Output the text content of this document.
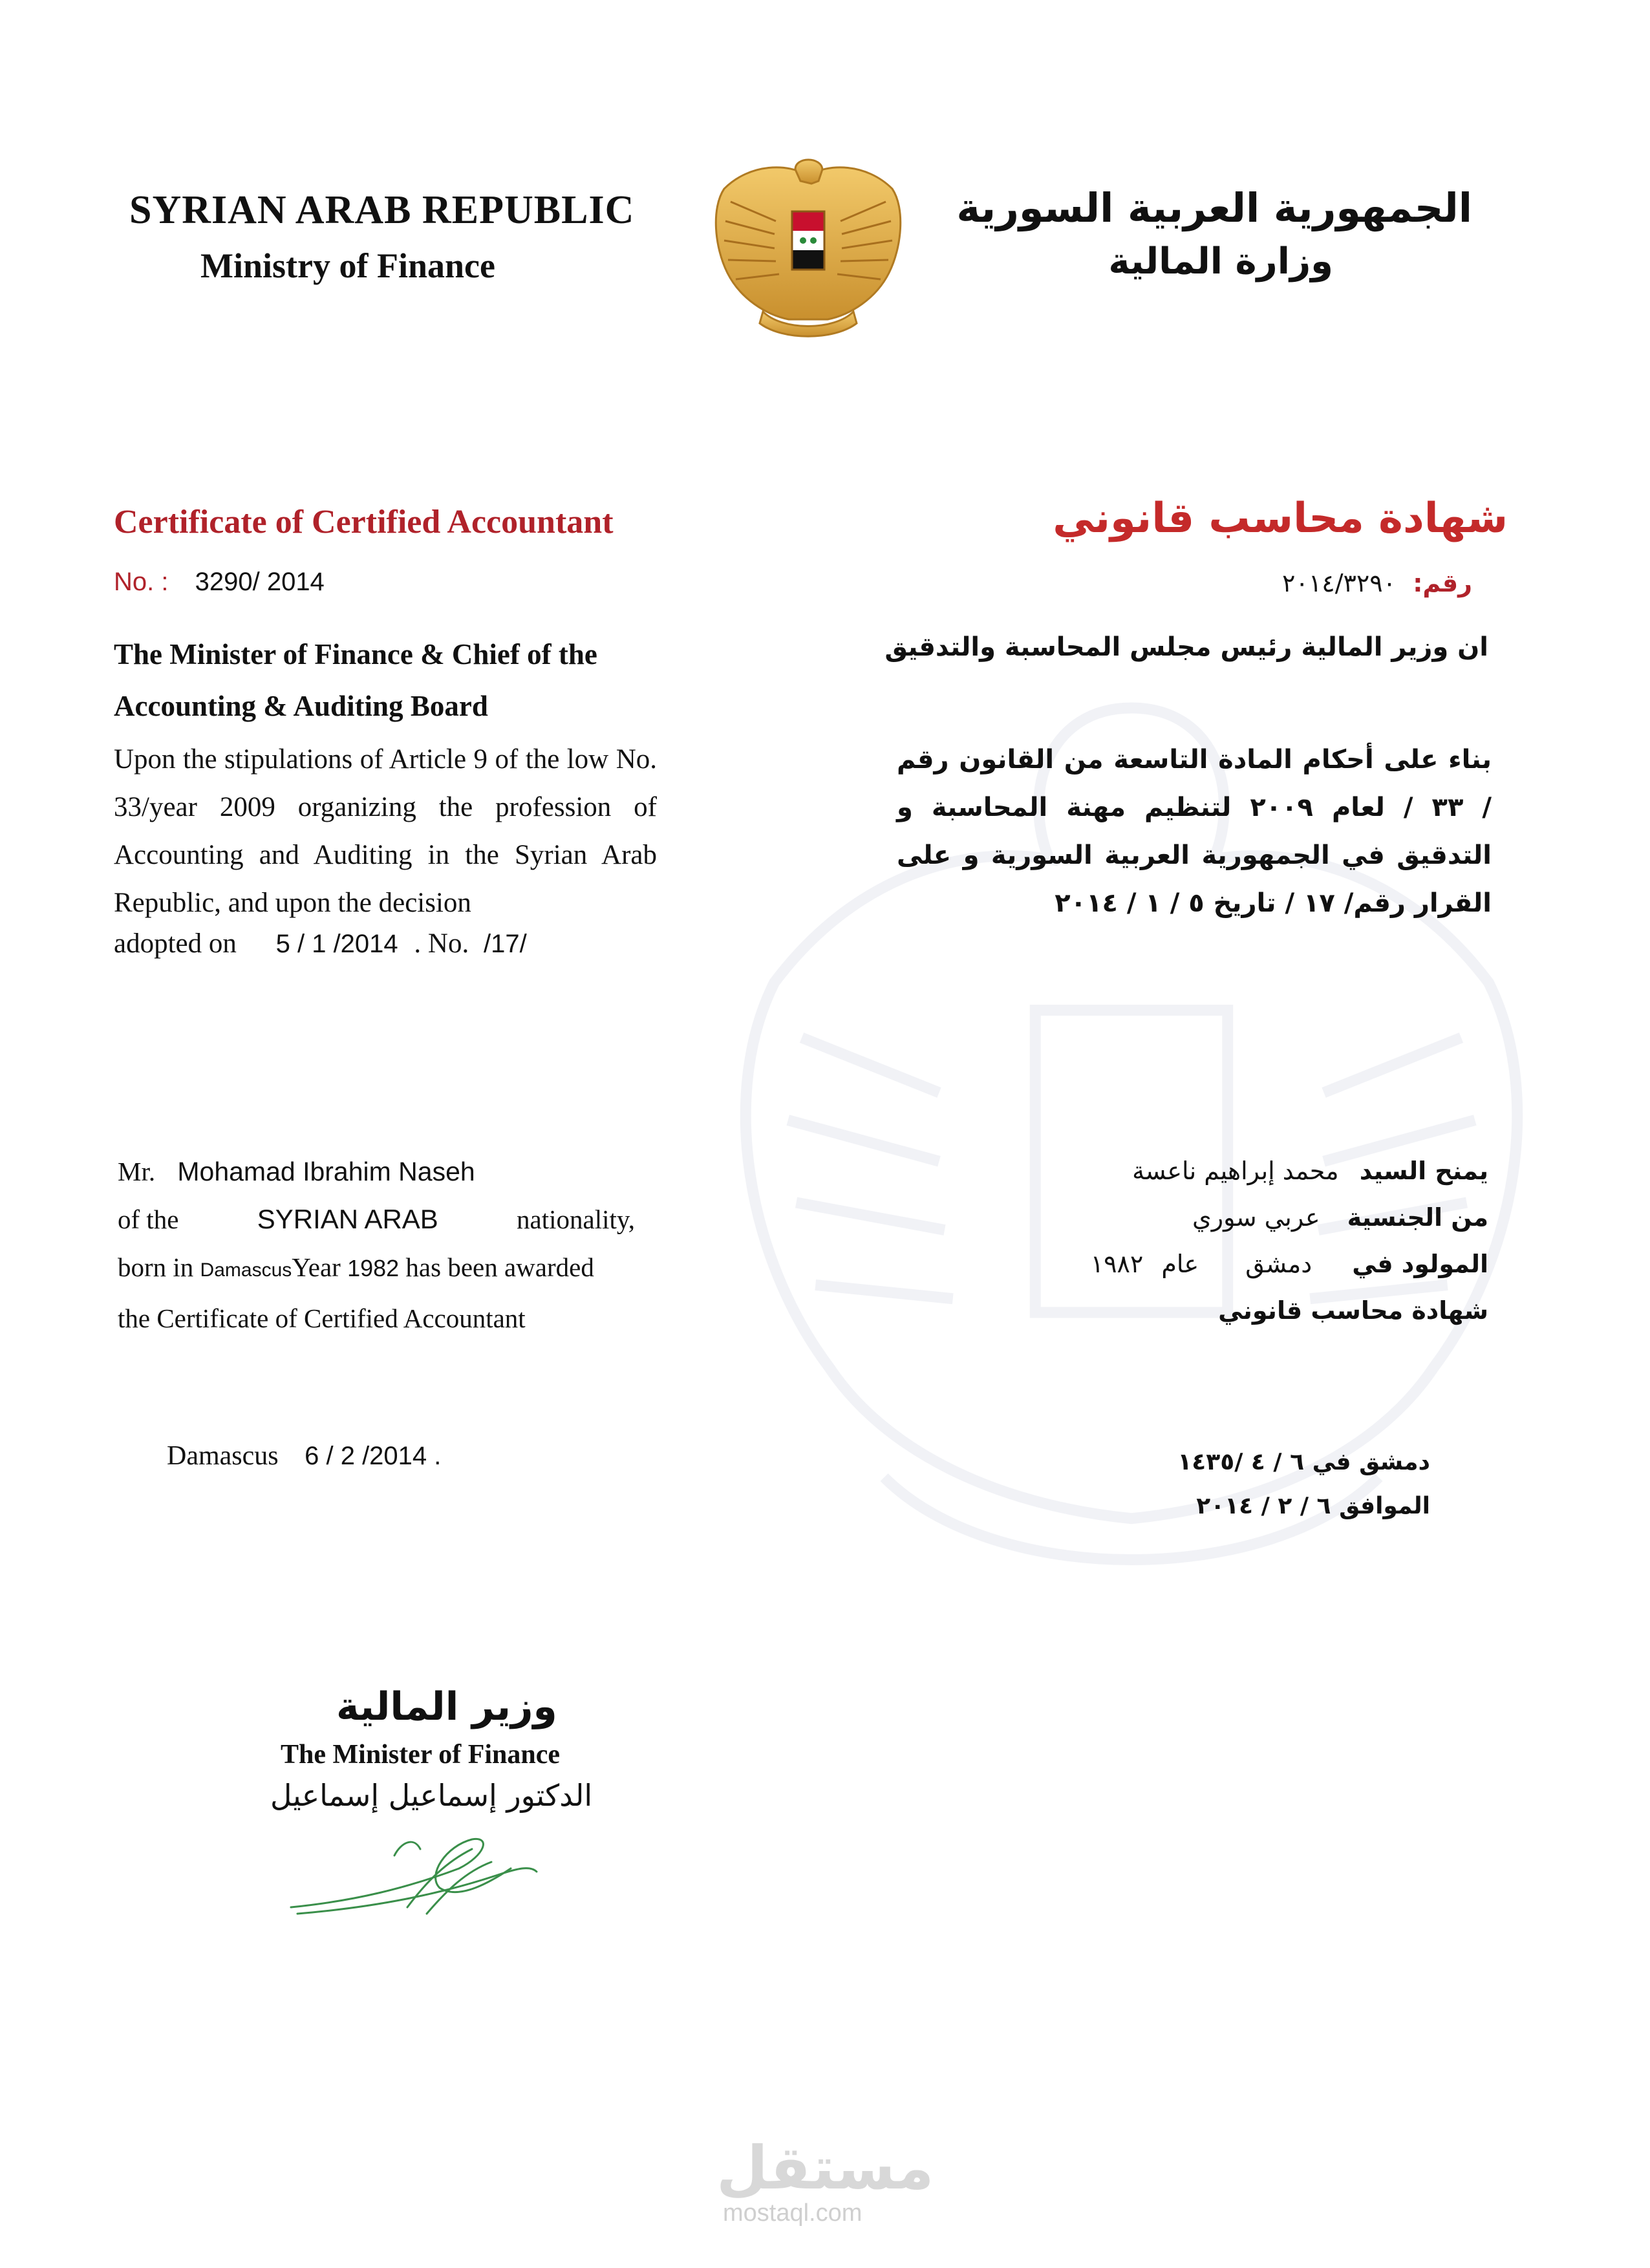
SYRIAN ARAB REPUBLIC
Ministry of Finance
الجمهورية العربية السورية
وزارة المالية
Certificate of Certified Accountant	شهادة محاسب قانوني
No. : 3290/ 2014	رقم: ٢٠١٤/٣٢٩٠
The Minister of Finance & Chief of the
Accounting & Auditing Board
ان وزير المالية رئيس مجلس المحاسبة والتدقيق
Upon the stipulations of Article 9 of the low No. 33/year 2009 organizing the profession of Accounting and Auditing in the Syrian Arab Republic, and upon the decision
adopted on 5 / 1 /2014 . No. /17/
بناء على أحكام المادة التاسعة من القانون رقم / ٣٣ / لعام ٢٠٠٩ لتنظيم مهنة المحاسبة و التدقيق في الجمهورية العربية السورية و على القرار رقم/ ١٧ / تاريخ ٥ / ١ / ٢٠١٤
Mr. Mohamad Ibrahim Naseh
of the	SYRIAN ARAB	nationality,
born in DamascusYear 1982 has been awarded
the Certificate of Certified Accountant
يمنح السيد محمد إبراهيم ناعسة
من الجنسية عربي سوري
المولود في دمشق عام ١٩٨٢
شهادة محاسب قانوني
Damascus 6 / 2 /2014 .	دمشق في ٦ / ٤ /١٤٣٥
الموافق ٦ / ٢ / ٢٠١٤
وزير المالية
The Minister of Finance
الدكتور إسماعيل إسماعيل
مستقل
mostaql.com
